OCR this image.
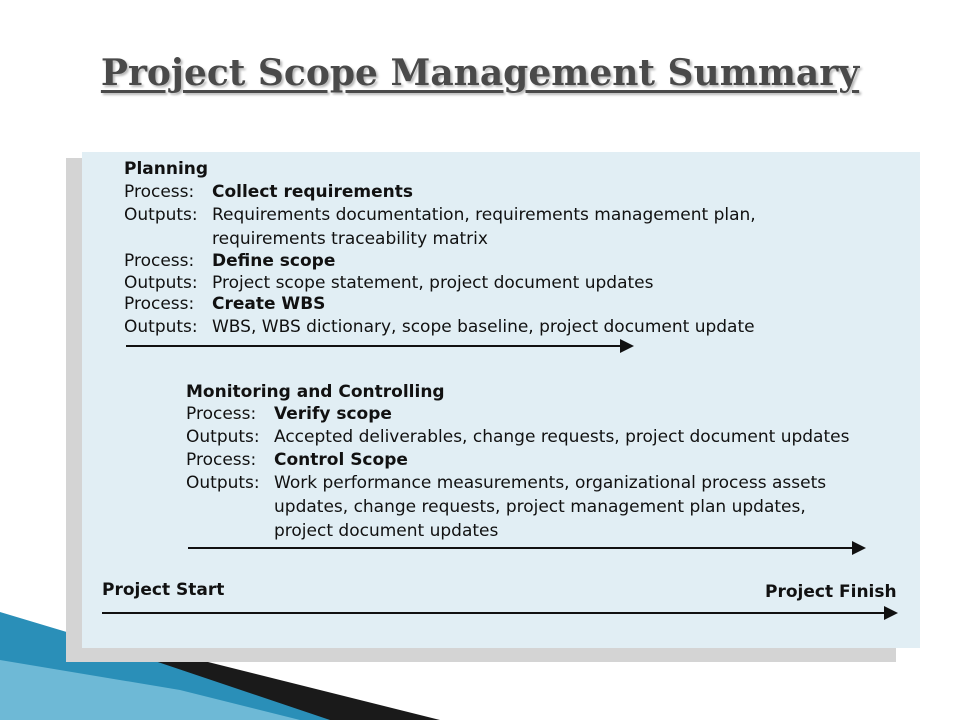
Project Scope Management Summary
Planning
Process: Collect requirements
Outputs: Requirements documentation, requirements management plan,
requirements traceability matrix
Process: Define scope
Outputs: Project scope statement, project document updates
Process: Create WBS
Outputs: WBS, WBS dictionary, scope baseline, project document update
Monitoring and Controlling
Process: Verify scope
Outputs: Accepted deliverables, change requests, project document updates
Process: Control Scope
Outputs: Work performance measurements, organizational process assets
updates, change requests, project management plan updates,
project document updates
Project Start	Project Finish
